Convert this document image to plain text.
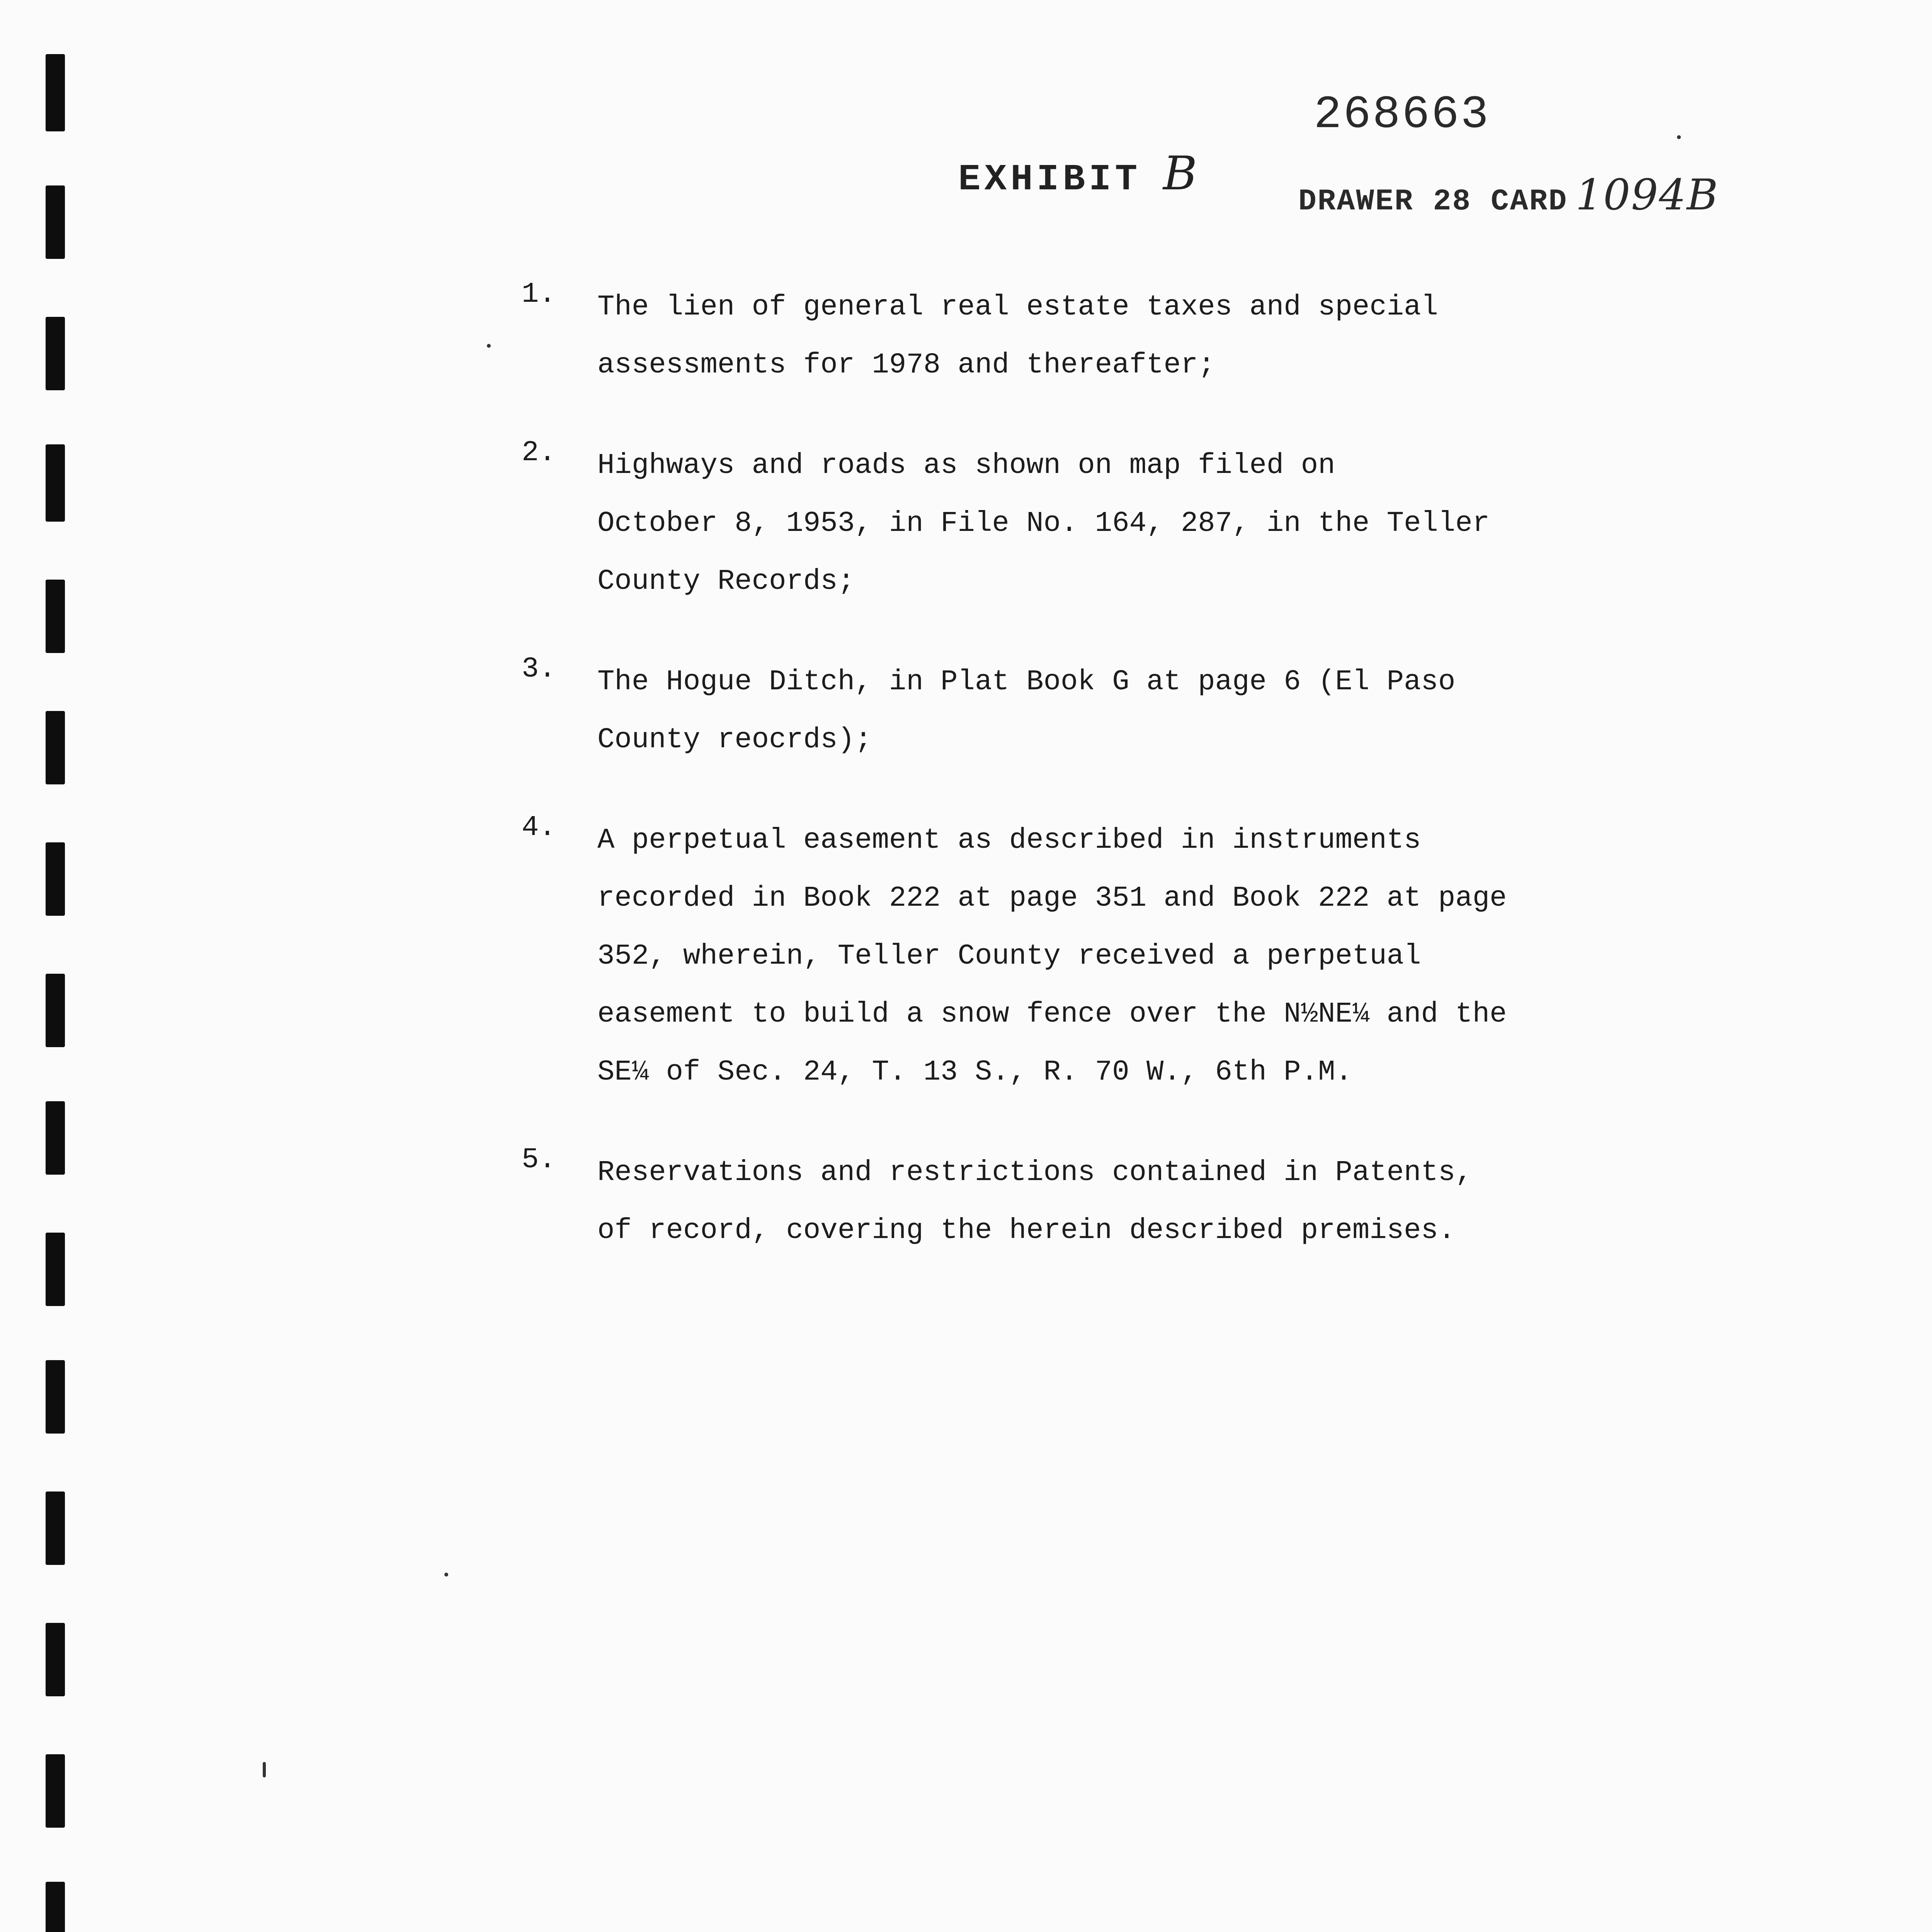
268663
EXHIBIT B
DRAWER 28 CARD 1094B
1. The lien of general real estate taxes and special
assessments for 1978 and thereafter;
2. Highways and roads as shown on map filed on
October 8, 1953, in File No. 164, 287, in the Teller
County Records;
3. The Hogue Ditch, in Plat Book G at page 6 (El Paso
County reocrds);
4. A perpetual easement as described in instruments
recorded in Book 222 at page 351 and Book 222 at page
352, wherein, Teller County received a perpetual
easement to build a snow fence over the N½NE¼ and the
SE¼ of Sec. 24, T. 13 S., R. 70 W., 6th P.M.
5. Reservations and restrictions contained in Patents,
of record, covering the herein described premises.
